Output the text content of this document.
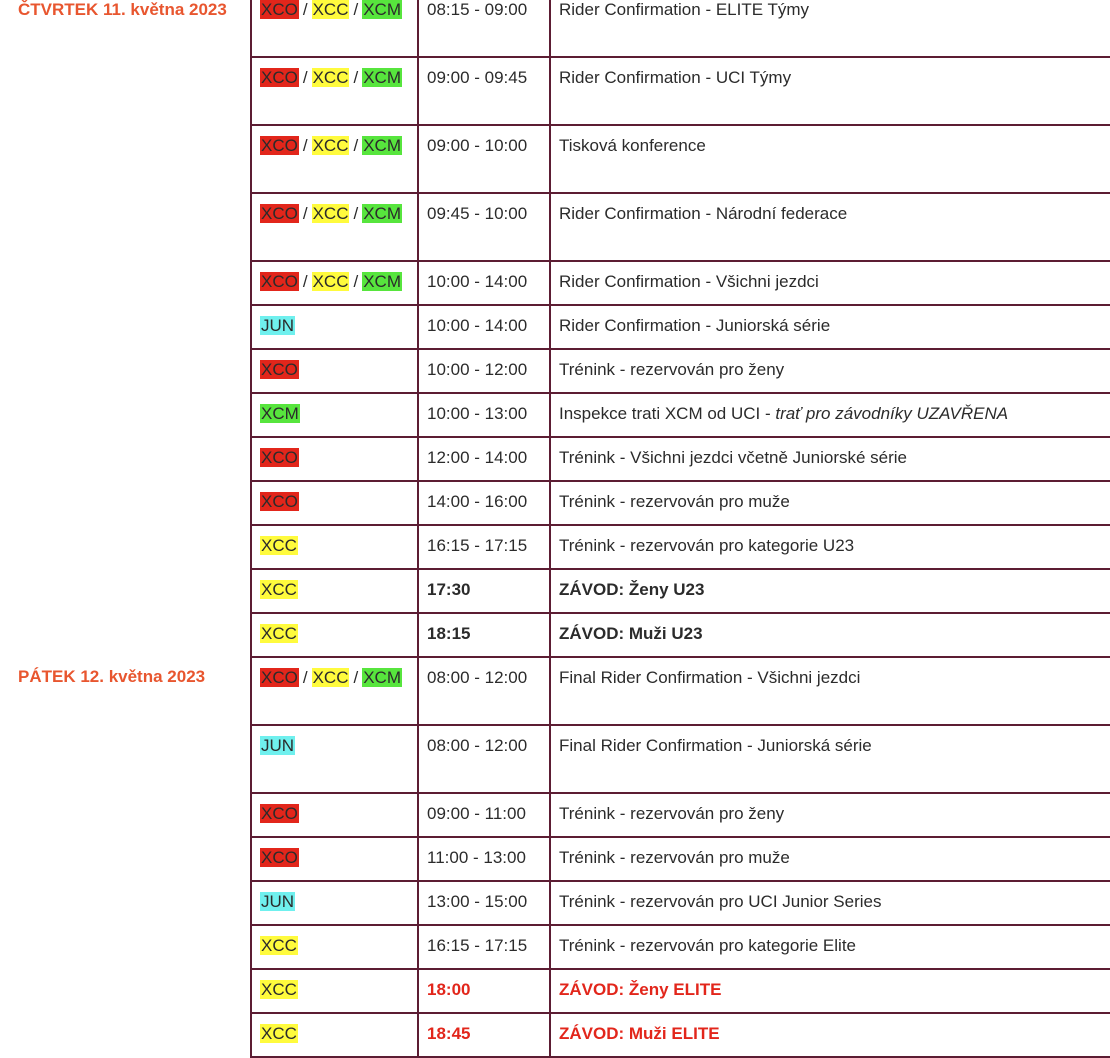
ČTVRTEK 11. května 2023	XCO / XCC / XCM	08:15 - 09:00	Rider Confirmation - ELITE Týmy
	XCO / XCC / XCM	09:00 - 09:45	Rider Confirmation - UCI Týmy
	XCO / XCC / XCM	09:00 - 10:00	Tisková konference
	XCO / XCC / XCM	09:45 - 10:00	Rider Confirmation - Národní federace
	XCO / XCC / XCM	10:00 - 14:00	Rider Confirmation - Všichni jezdci
	JUN	10:00 - 14:00	Rider Confirmation - Juniorská série
	XCO	10:00 - 12:00	Trénink - rezervován pro ženy
	XCM	10:00 - 13:00	Inspekce trati XCM od UCI - trať pro závodníky UZAVŘENA
	XCO	12:00 - 14:00	Trénink - Všichni jezdci včetně Juniorské série
	XCO	14:00 - 16:00	Trénink - rezervován pro muže
	XCC	16:15 - 17:15	Trénink - rezervován pro kategorie U23
	XCC	17:30	ZÁVOD: Ženy U23
	XCC	18:15	ZÁVOD: Muži U23
PÁTEK 12. května 2023	XCO / XCC / XCM	08:00 - 12:00	Final Rider Confirmation - Všichni jezdci
	JUN	08:00 - 12:00	Final Rider Confirmation - Juniorská série
	XCO	09:00 - 11:00	Trénink - rezervován pro ženy
	XCO	11:00 - 13:00	Trénink - rezervován pro muže
	JUN	13:00 - 15:00	Trénink - rezervován pro UCI Junior Series
	XCC	16:15 - 17:15	Trénink - rezervován pro kategorie Elite
	XCC	18:00	ZÁVOD: Ženy ELITE
	XCC	18:45	ZÁVOD: Muži ELITE
